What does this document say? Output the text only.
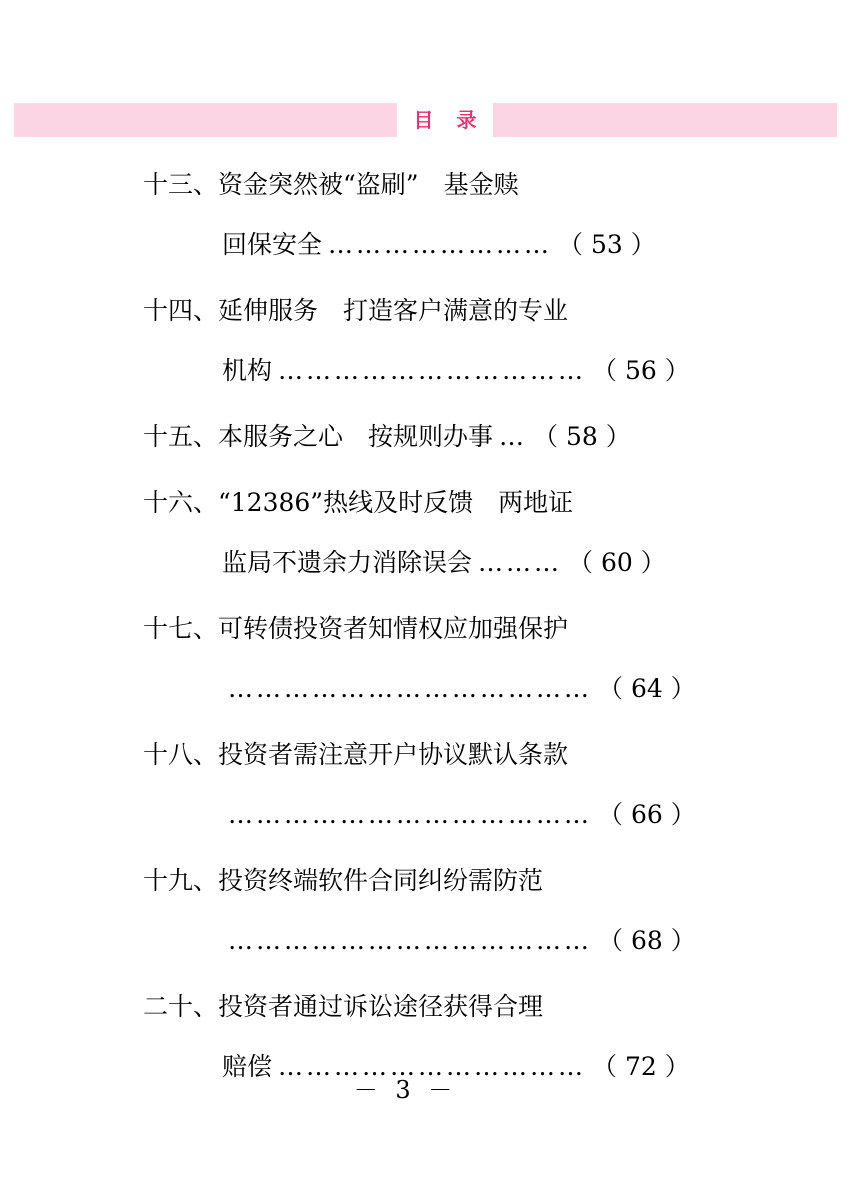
目 录
十三、资金突然被“盗刷”　基金赎
回保安全 …………………… （ 53 ）
十四、延伸服务　打造客户满意的专业
机构 …………………………… （ 56 ）
十五、本服务之心　按规则办事 … （ 58 ）
十六、“12386”热线及时反馈　两地证
监局不遗余力消除误会 ……… （ 60 ）
十七、可转债投资者知情权应加强保护
………………………………… （ 64 ）
十八、投资者需注意开户协议默认条款
………………………………… （ 66 ）
十九、投资终端软件合同纠纷需防范
………………………………… （ 68 ）
二十、投资者通过诉讼途径获得合理
赔偿 …………………………… （ 72 ）
－ 3 －
